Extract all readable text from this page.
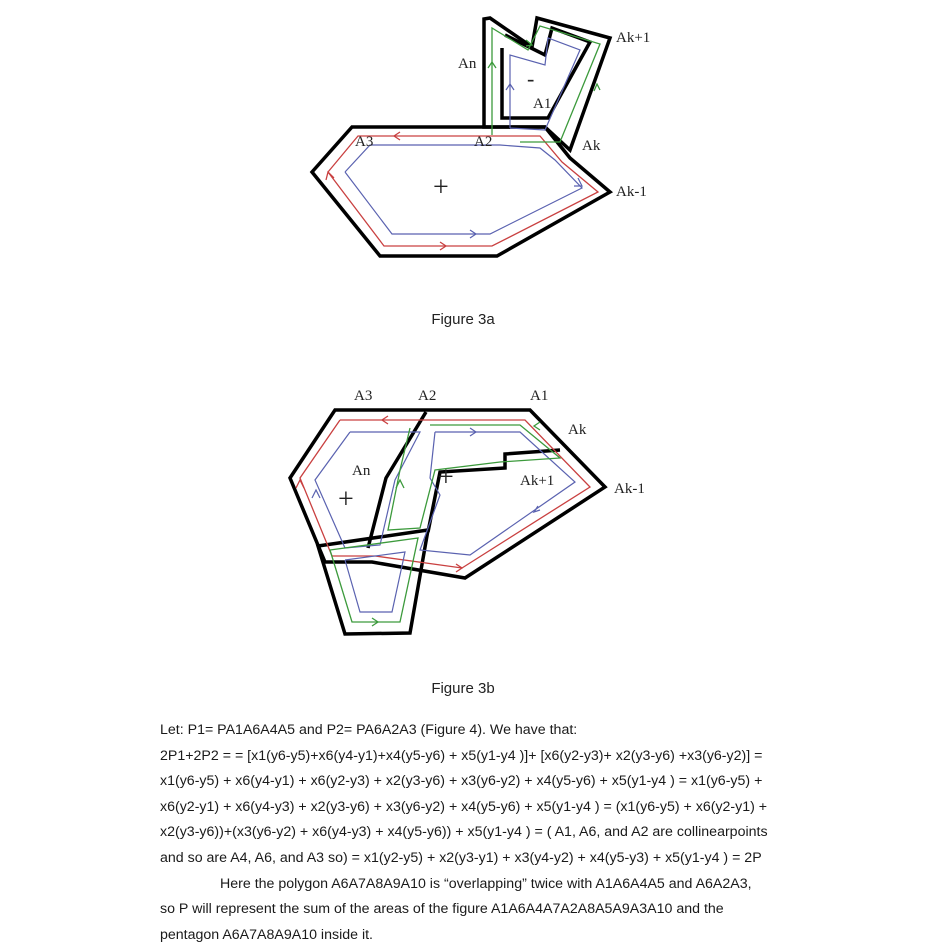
Ak+1
An
A1
Ak
A3	A2
Ak-1
-
+
Figure 3a
A3	A2	A1
Ak
An
Ak+1	Ak-1
+
+
Figure 3b
Let: P1= PA1A6A4A5 and P2= PA6A2A3 (Figure 4). We have that:
2P1+2P2 = = [x1(y6-y5)+x6(y4-y1)+x4(y5-y6) + x5(y1-y4 )]+ [x6(y2-y3)+ x2(y3-y6) +x3(y6-y2)] =
x1(y6-y5) + x6(y4-y1) + x6(y2-y3) + x2(y3-y6) + x3(y6-y2) + x4(y5-y6) + x5(y1-y4 ) = x1(y6-y5) +
x6(y2-y1) + x6(y4-y3) + x2(y3-y6) + x3(y6-y2) + x4(y5-y6) + x5(y1-y4 ) = (x1(y6-y5) + x6(y2-y1) +
x2(y3-y6))+(x3(y6-y2) + x6(y4-y3) + x4(y5-y6)) + x5(y1-y4 ) = ( A1, A6, and A2 are collinearpoints
and so are A4, A6, and A3 so) = x1(y2-y5) + x2(y3-y1) + x3(y4-y2) + x4(y5-y3) + x5(y1-y4 ) = 2P
Here the polygon A6A7A8A9A10 is “overlapping” twice with A1A6A4A5 and A6A2A3,
so P will represent the sum of the areas of the figure A1A6A4A7A2A8A5A9A3A10 and the
pentagon A6A7A8A9A10 inside it.
